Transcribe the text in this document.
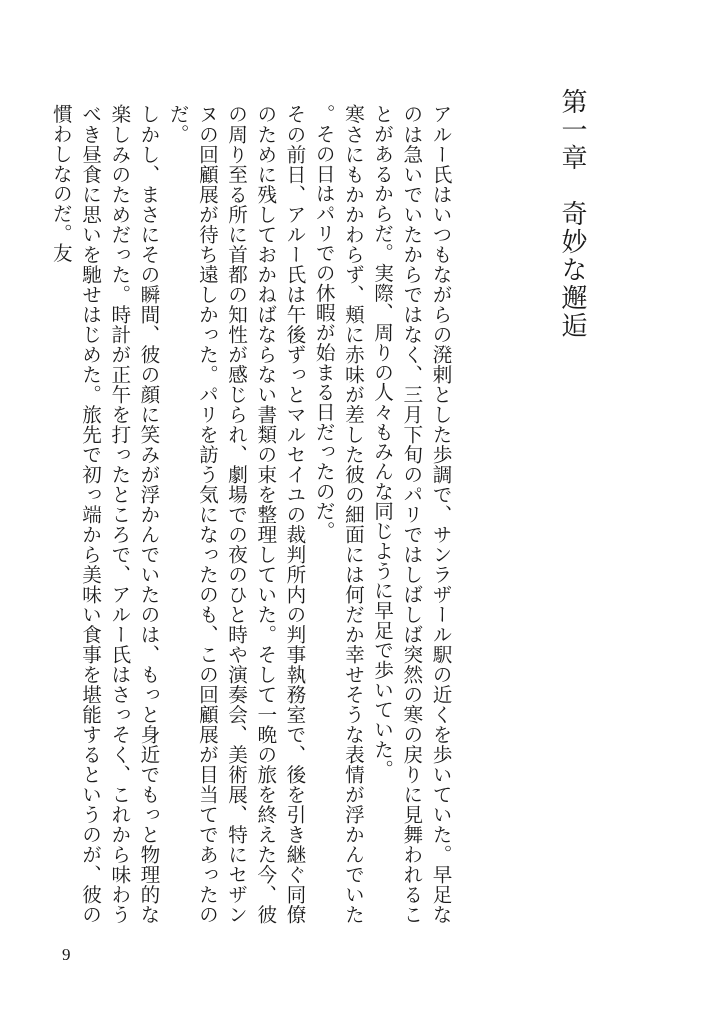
第一章　奇妙な邂逅

アルー氏はいつもながらの溌剌とした歩調で、サンラザール駅の近くを歩いていた。早足なのは急いでいたからではなく、三月下旬のパリではしばしば突然の寒の戻りに見舞われることがあるからだ。実際、周りの人々もみんな同じように早足で歩いていた。

寒さにもかかわらず、頬に赤味が差した彼の細面には何だか幸せそうな表情が浮かんでいた。その日はパリでの休暇が始まる日だったのだ。

その前日、アルー氏は午後ずっとマルセイユの裁判所内の判事執務室で、後を引き継ぐ同僚のために残しておかねばならない書類の束を整理していた。そして一晩の旅を終えた今、彼の周り至る所に首都の知性が感じられ、劇場での夜のひと時や演奏会、美術展、特にセザンヌの回顧展が待ち遠しかった。パリを訪う気になったのも、この回顧展が目当てであったのだ。

しかし、まさにその瞬間、彼の顔に笑みが浮かんでいたのは、もっと身近でもっと物理的な楽しみのためだった。時計が正午を打ったところで、アルー氏はさっそく、これから味わうべき昼食に思いを馳せはじめた。旅先で初っ端から美味い食事を堪能するというのが、彼の慣わしなのだ。友

9
